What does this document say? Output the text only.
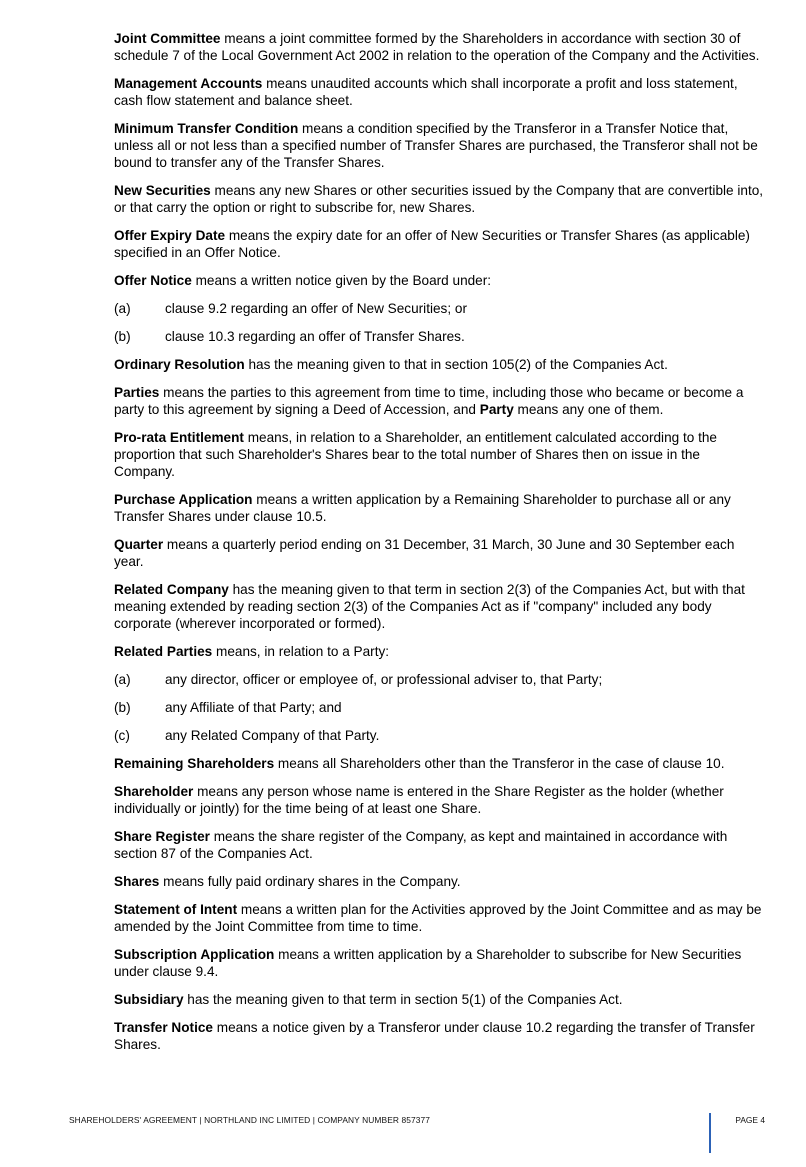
Joint Committee means a joint committee formed by the Shareholders in accordance with section 30 of schedule 7 of the Local Government Act 2002 in relation to the operation of the Company and the Activities.

Management Accounts means unaudited accounts which shall incorporate a profit and loss statement, cash flow statement and balance sheet.

Minimum Transfer Condition means a condition specified by the Transferor in a Transfer Notice that, unless all or not less than a specified number of Transfer Shares are purchased, the Transferor shall not be bound to transfer any of the Transfer Shares.

New Securities means any new Shares or other securities issued by the Company that are convertible into, or that carry the option or right to subscribe for, new Shares.

Offer Expiry Date means the expiry date for an offer of New Securities or Transfer Shares (as applicable) specified in an Offer Notice.

Offer Notice means a written notice given by the Board under:

(a)	clause 9.2 regarding an offer of New Securities; or
(b)	clause 10.3 regarding an offer of Transfer Shares.

Ordinary Resolution has the meaning given to that in section 105(2) of the Companies Act.

Parties means the parties to this agreement from time to time, including those who became or become a party to this agreement by signing a Deed of Accession, and Party means any one of them.

Pro-rata Entitlement means, in relation to a Shareholder, an entitlement calculated according to the proportion that such Shareholder's Shares bear to the total number of Shares then on issue in the Company.

Purchase Application means a written application by a Remaining Shareholder to purchase all or any Transfer Shares under clause 10.5.

Quarter means a quarterly period ending on 31 December, 31 March, 30 June and 30 September each year.

Related Company has the meaning given to that term in section 2(3) of the Companies Act, but with that meaning extended by reading section 2(3) of the Companies Act as if "company" included any body corporate (wherever incorporated or formed).

Related Parties means, in relation to a Party:

(a)	any director, officer or employee of, or professional adviser to, that Party;
(b)	any Affiliate of that Party; and
(c)	any Related Company of that Party.

Remaining Shareholders means all Shareholders other than the Transferor in the case of clause 10.

Shareholder means any person whose name is entered in the Share Register as the holder (whether individually or jointly) for the time being of at least one Share.

Share Register means the share register of the Company, as kept and maintained in accordance with section 87 of the Companies Act.

Shares means fully paid ordinary shares in the Company.

Statement of Intent means a written plan for the Activities approved by the Joint Committee and as may be amended by the Joint Committee from time to time.

Subscription Application means a written application by a Shareholder to subscribe for New Securities under clause 9.4.

Subsidiary has the meaning given to that term in section 5(1) of the Companies Act.

Transfer Notice means a notice given by a Transferor under clause 10.2 regarding the transfer of Transfer Shares.

SHAREHOLDERS' AGREEMENT | NORTHLAND INC LIMITED | COMPANY NUMBER 857377	PAGE 4
